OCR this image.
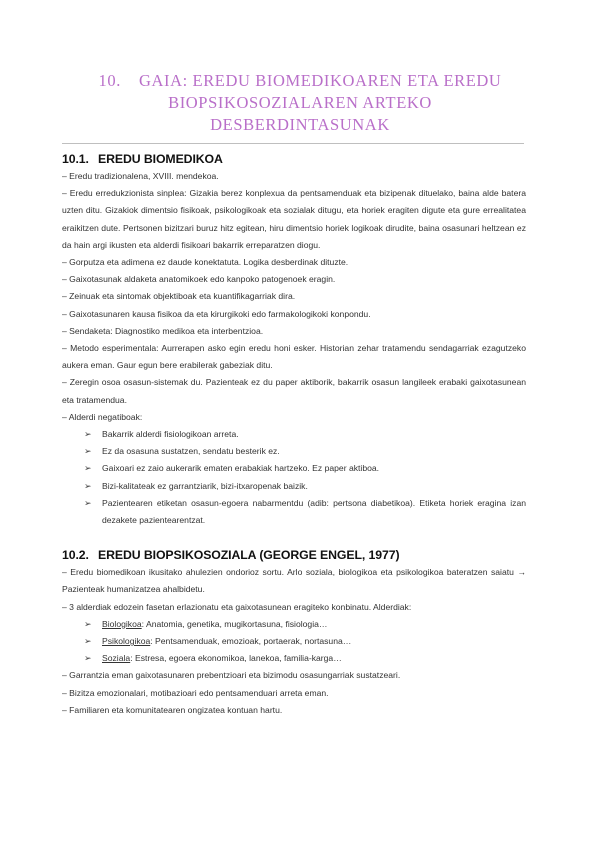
10. GAIA: EREDU BIOMEDIKOAREN ETA EREDU
BIOPSIKOSOZIALAREN ARTEKO
DESBERDINTASUNAK
10.1. EREDU BIOMEDIKOA

– Eredu tradizionalena, XVIII. mendekoa.

– Eredu erredukzionista sinplea: Gizakia berez konplexua da pentsamenduak eta bizipenak dituelako, baina alde batera uzten ditu. Gizakiok dimentsio fisikoak, psikologikoak eta sozialak ditugu, eta horiek eragiten digute eta gure errealitatea eraikitzen dute. Pertsonen bizitzari buruz hitz egitean, hiru dimentsio horiek logikoak dirudite, baina osasunari heltzean ez da hain argi ikusten eta alderdi fisikoari bakarrik erreparatzen diogu.

– Gorputza eta adimena ez daude konektatuta. Logika desberdinak dituzte.

– Gaixotasunak aldaketa anatomikoek edo kanpoko patogenoek eragin.

– Zeinuak eta sintomak objektiboak eta kuantifikagarriak dira.

– Gaixotasunaren kausa fisikoa da eta kirurgikoki edo farmakologikoki konpondu.

– Sendaketa: Diagnostiko medikoa eta interbentzioa.

– Metodo esperimentala: Aurrerapen asko egin eredu honi esker. Historian zehar tratamendu sendagarriak ezagutzeko aukera eman. Gaur egun bere erabilerak gabeziak ditu.

– Zeregin osoa osasun-sistemak du. Pazienteak ez du paper aktiborik, bakarrik osasun langileek erabaki gaixotasunean eta tratamendua.

– Alderdi negatiboak:

➢ Bakarrik alderdi fisiologikoan arreta.

➢ Ez da osasuna sustatzen, sendatu besterik ez.

➢ Gaixoari ez zaio aukerarik ematen erabakiak hartzeko. Ez paper aktiboa.

➢ Bizi-kalitateak ez garrantziarik, bizi-itxaropenak baizik.

➢ Pazientearen etiketan osasun-egoera nabarmentdu (adib: pertsona diabetikoa). Etiketa horiek eragina izan dezakete pazientearentzat.

10.2. EREDU BIOPSIKOSOZIALA (GEORGE ENGEL, 1977)

– Eredu biomedikoan ikusitako ahulezien ondorioz sortu. Arlo soziala, biologikoa eta psikologikoa bateratzen saiatu → Pazienteak humanizatzea ahalbidetu.

– 3 alderdiak edozein fasetan erlazionatu eta gaixotasunean eragiteko konbinatu. Alderdiak:

➢ Biologikoa: Anatomia, genetika, mugikortasuna, fisiologia…

➢ Psikologikoa: Pentsamenduak, emozioak, portaerak, nortasuna…

➢ Soziala: Estresa, egoera ekonomikoa, lanekoa, familia-karga…

– Garrantzia eman gaixotasunaren prebentzioari eta bizimodu osasungarriak sustatzeari.

– Bizitza emozionalari, motibazioari edo pentsamenduari arreta eman.

– Familiaren eta komunitatearen ongizatea kontuan hartu.
